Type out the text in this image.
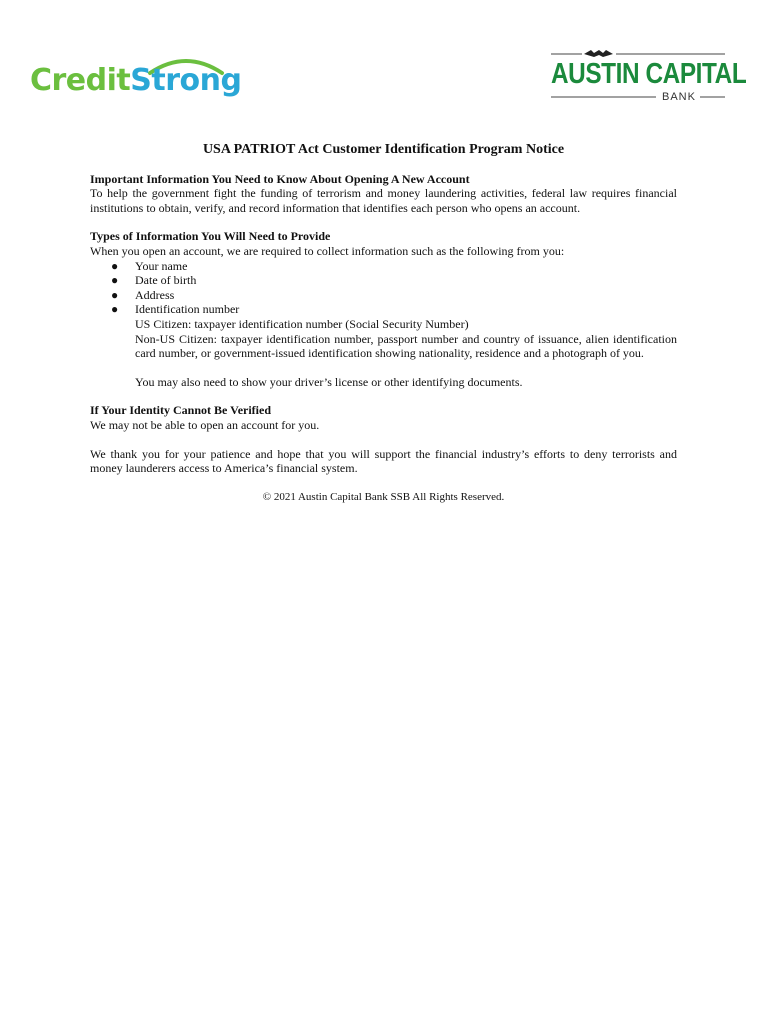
CreditStrong	AUSTIN CAPITAL
BANK

USA PATRIOT Act Customer Identification Program Notice

Important Information You Need to Know About Opening A New Account

To help the government fight the funding of terrorism and money laundering activities, federal law requires financial institutions to obtain, verify, and record information that identifies each person who opens an account.

Types of Information You Will Need to Provide

When you open an account, we are required to collect information such as the following from you:

● Your name
● Date of birth
● Address
● Identification number

US Citizen: taxpayer identification number (Social Security Number)

Non-US Citizen: taxpayer identification number, passport number and country of issuance, alien identification card number, or government-issued identification showing nationality, residence and a photograph of you.

You may also need to show your driver’s license or other identifying documents.

If Your Identity Cannot Be Verified

We may not be able to open an account for you.

We thank you for your patience and hope that you will support the financial industry’s efforts to deny terrorists and money launderers access to America’s financial system.

© 2021 Austin Capital Bank SSB All Rights Reserved.
